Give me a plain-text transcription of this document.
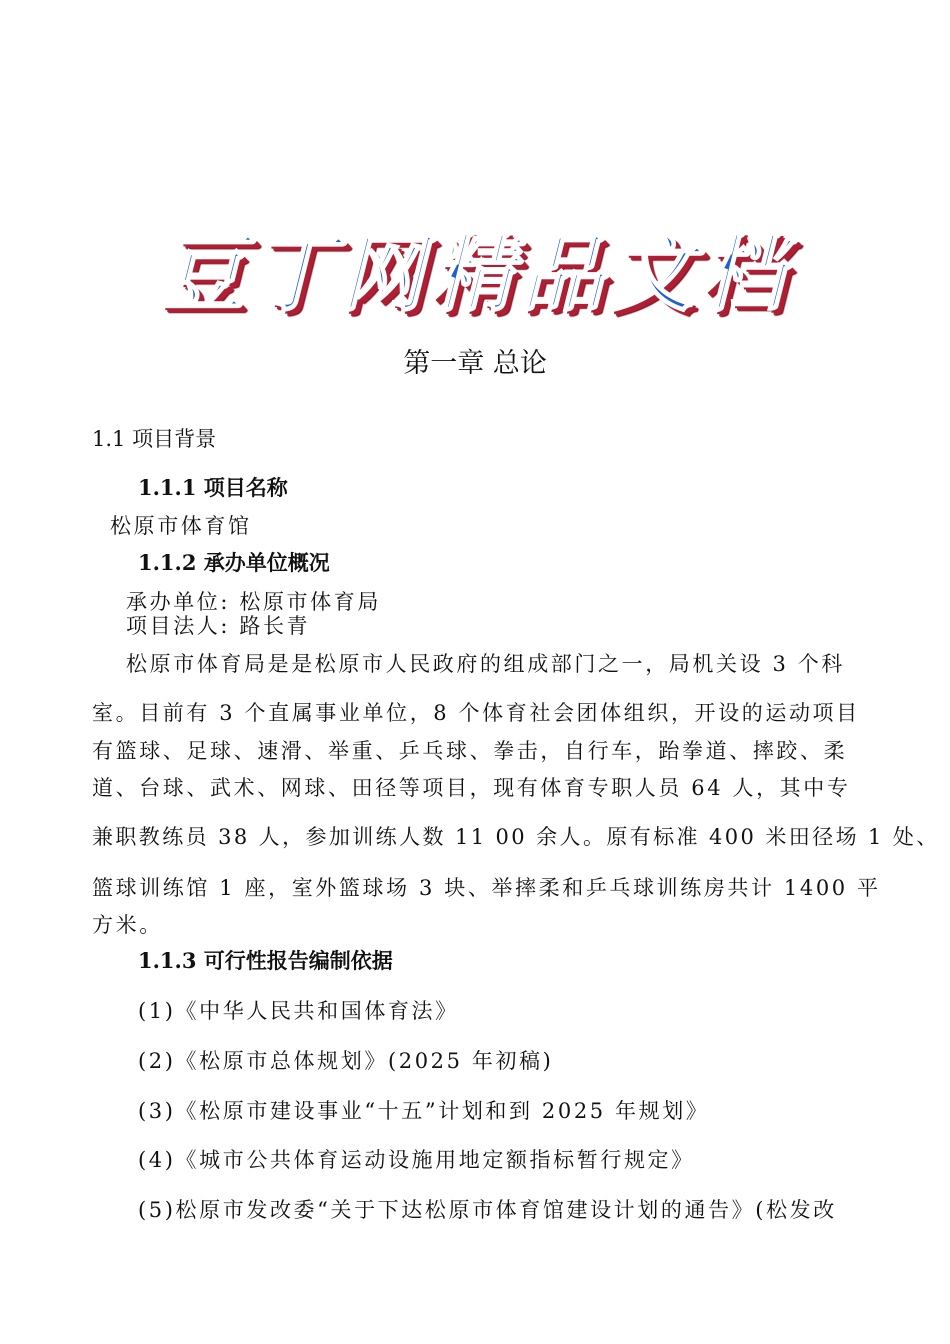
豆丁网精品文档
第一章 总论
1.1 项目背景
1.1.1 项目名称
松原市体育馆
1.1.2 承办单位概况
承办单位: 松原市体育局
项目法人: 路长青
松原市体育局是是松原市人民政府的组成部门之一，局机关设 3 个科
室。目前有 3 个直属事业单位，8 个体育社会团体组织，开设的运动项目
有篮球、足球、速滑、举重、乒乓球、拳击，自行车，跆拳道、摔跤、柔
道、台球、武术、网球、田径等项目，现有体育专职人员 64 人，其中专
兼职教练员 38 人，参加训练人数 11 00 余人。原有标准 400 米田径场 1 处、
篮球训练馆 1 座，室外篮球场 3 块、举摔柔和乒乓球训练房共计 1400 平
方米。
1.1.3 可行性报告编制依据
(1)《中华人民共和国体育法》
(2)《松原市总体规划》(2025 年初稿)
(3)《松原市建设事业“十五”计划和到 2025 年规划》
(4)《城市公共体育运动设施用地定额指标暂行规定》
(5)松原市发改委“关于下达松原市体育馆建设计划的通告》(松发改
